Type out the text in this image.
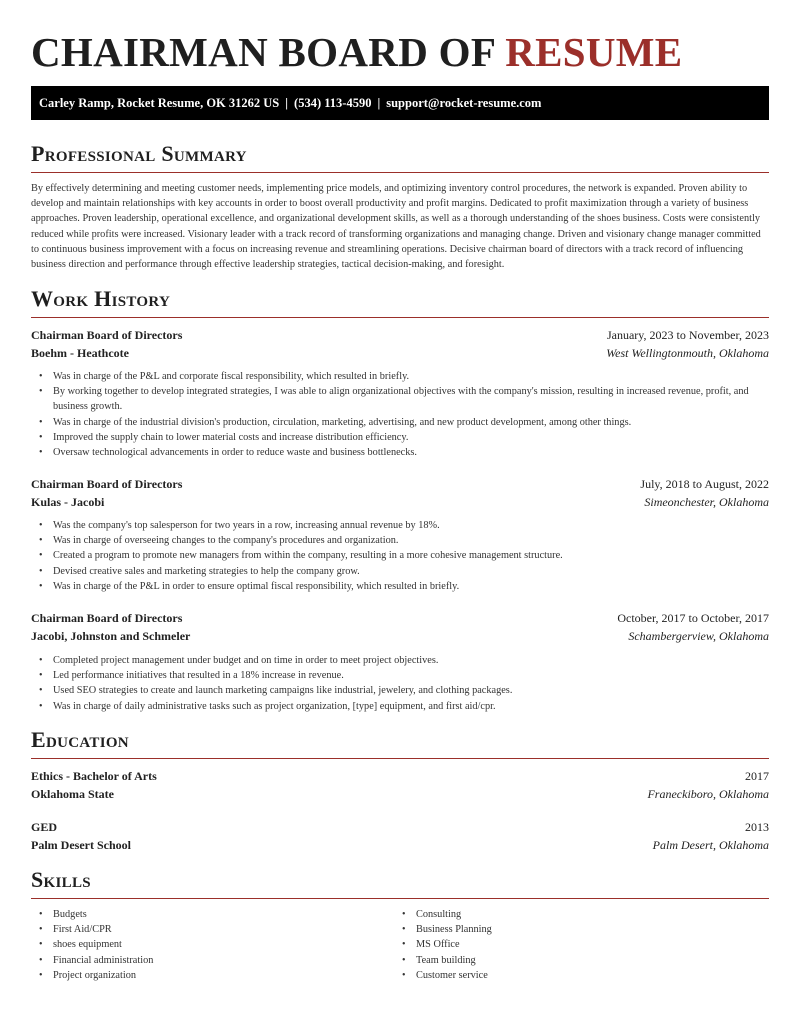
CHAIRMAN BOARD OF RESUME
Carley Ramp, Rocket Resume, OK 31262 US | (534) 113-4590 | support@rocket-resume.com
Professional Summary

By effectively determining and meeting customer needs, implementing price models, and optimizing inventory control procedures, the network is expanded. Proven ability to develop and maintain relationships with key accounts in order to boost overall productivity and profit margins. Dedicated to profit maximization through a variety of business approaches. Proven leadership, operational excellence, and organizational development skills, as well as a thorough understanding of the shoes business. Costs were consistently reduced while profits were increased. Visionary leader with a track record of transforming organizations and managing change. Driven and visionary change manager committed to continuous business improvement with a focus on increasing revenue and streamlining operations. Decisive chairman board of directors with a track record of influencing business direction and performance through effective leadership strategies, tactical decision-making, and foresight.

Work History
Chairman Board of Directors	January, 2023 to November, 2023
Boehm - Heathcote	West Wellingtonmouth, Oklahoma
• Was in charge of the P&L and corporate fiscal responsibility, which resulted in briefly.
• By working together to develop integrated strategies, I was able to align organizational objectives with the company's mission, resulting in increased revenue, profit, and business growth.
• Was in charge of the industrial division's production, circulation, marketing, advertising, and new product development, among other things.
• Improved the supply chain to lower material costs and increase distribution efficiency.
• Oversaw technological advancements in order to reduce waste and business bottlenecks.
Chairman Board of Directors	July, 2018 to August, 2022
Kulas - Jacobi	Simeonchester, Oklahoma
• Was the company's top salesperson for two years in a row, increasing annual revenue by 18%.
• Was in charge of overseeing changes to the company's procedures and organization.
• Created a program to promote new managers from within the company, resulting in a more cohesive management structure.
• Devised creative sales and marketing strategies to help the company grow.
• Was in charge of the P&L in order to ensure optimal fiscal responsibility, which resulted in briefly.
Chairman Board of Directors	October, 2017 to October, 2017
Jacobi, Johnston and Schmeler	Schambergerview, Oklahoma
• Completed project management under budget and on time in order to meet project objectives.
• Led performance initiatives that resulted in a 18% increase in revenue.
• Used SEO strategies to create and launch marketing campaigns like industrial, jewelery, and clothing packages.
• Was in charge of daily administrative tasks such as project organization, [type] equipment, and first aid/cpr.
Education
Ethics - Bachelor of Arts	2017
Oklahoma State	Franeckiboro, Oklahoma
GED	2013
Palm Desert School	Palm Desert, Oklahoma
Skills
• Budgets
• First Aid/CPR
• shoes equipment
• Financial administration
• Project organization
• Consulting
• Business Planning
• MS Office
• Team building
• Customer service
